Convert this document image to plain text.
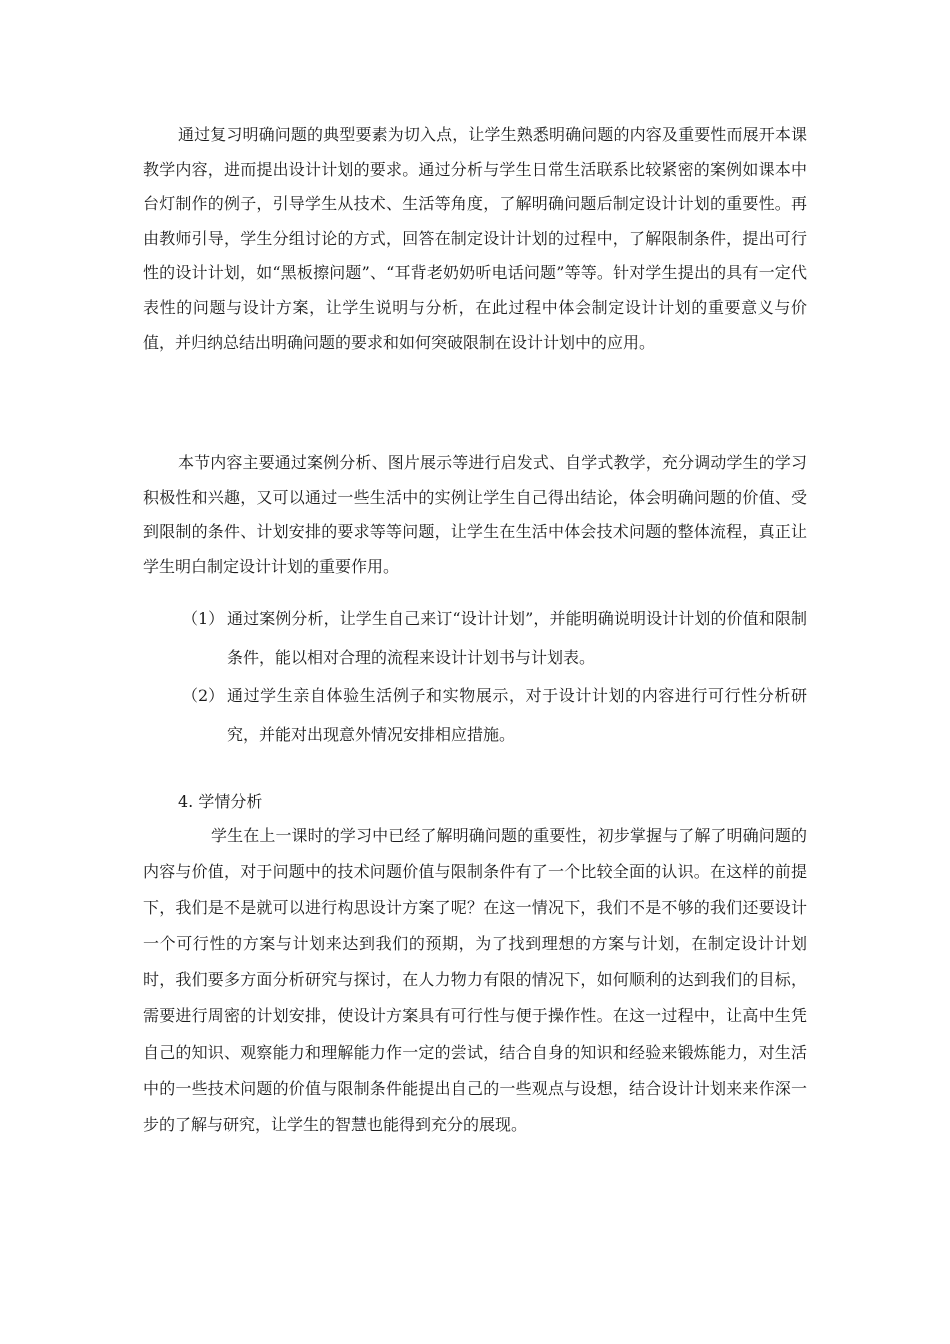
通过复习明确问题的典型要素为切入点，让学生熟悉明确问题的内容及重要性而展开本课教学内容，进而提出设计计划的要求。通过分析与学生日常生活联系比较紧密的案例如课本中台灯制作的例子，引导学生从技术、生活等角度，了解明确问题后制定设计计划的重要性。再由教师引导，学生分组讨论的方式，回答在制定设计计划的过程中，了解限制条件，提出可行性的设计计划，如“黑板擦问题”、“耳背老奶奶听电话问题”等等。针对学生提出的具有一定代表性的问题与设计方案，让学生说明与分析，在此过程中体会制定设计计划的重要意义与价值，并归纳总结出明确问题的要求和如何突破限制在设计计划中的应用。

本节内容主要通过案例分析、图片展示等进行启发式、自学式教学，充分调动学生的学习积极性和兴趣，又可以通过一些生活中的实例让学生自己得出结论，体会明确问题的价值、受到限制的条件、计划安排的要求等等问题，让学生在生活中体会技术问题的整体流程，真正让学生明白制定设计计划的重要作用。

（1） 通过案例分析，让学生自己来订“设计计划”，并能明确说明设计计划的价值和限制条件，能以相对合理的流程来设计计划书与计划表。
（2） 通过学生亲自体验生活例子和实物展示，对于设计计划的内容进行可行性分析研究，并能对出现意外情况安排相应措施。
4. 学情分析

学生在上一课时的学习中已经了解明确问题的重要性，初步掌握与了解了明确问题的内容与价值，对于问题中的技术问题价值与限制条件有了一个比较全面的认识。在这样的前提下，我们是不是就可以进行构思设计方案了呢？在这一情况下，我们不是不够的我们还要设计一个可行性的方案与计划来达到我们的预期，为了找到理想的方案与计划，在制定设计计划时，我们要多方面分析研究与探讨，在人力物力有限的情况下，如何顺利的达到我们的目标，需要进行周密的计划安排，使设计方案具有可行性与便于操作性。在这一过程中，让高中生凭自己的知识、观察能力和理解能力作一定的尝试，结合自身的知识和经验来锻炼能力，对生活中的一些技术问题的价值与限制条件能提出自己的一些观点与设想，结合设计计划来来作深一步的了解与研究，让学生的智慧也能得到充分的展现。
